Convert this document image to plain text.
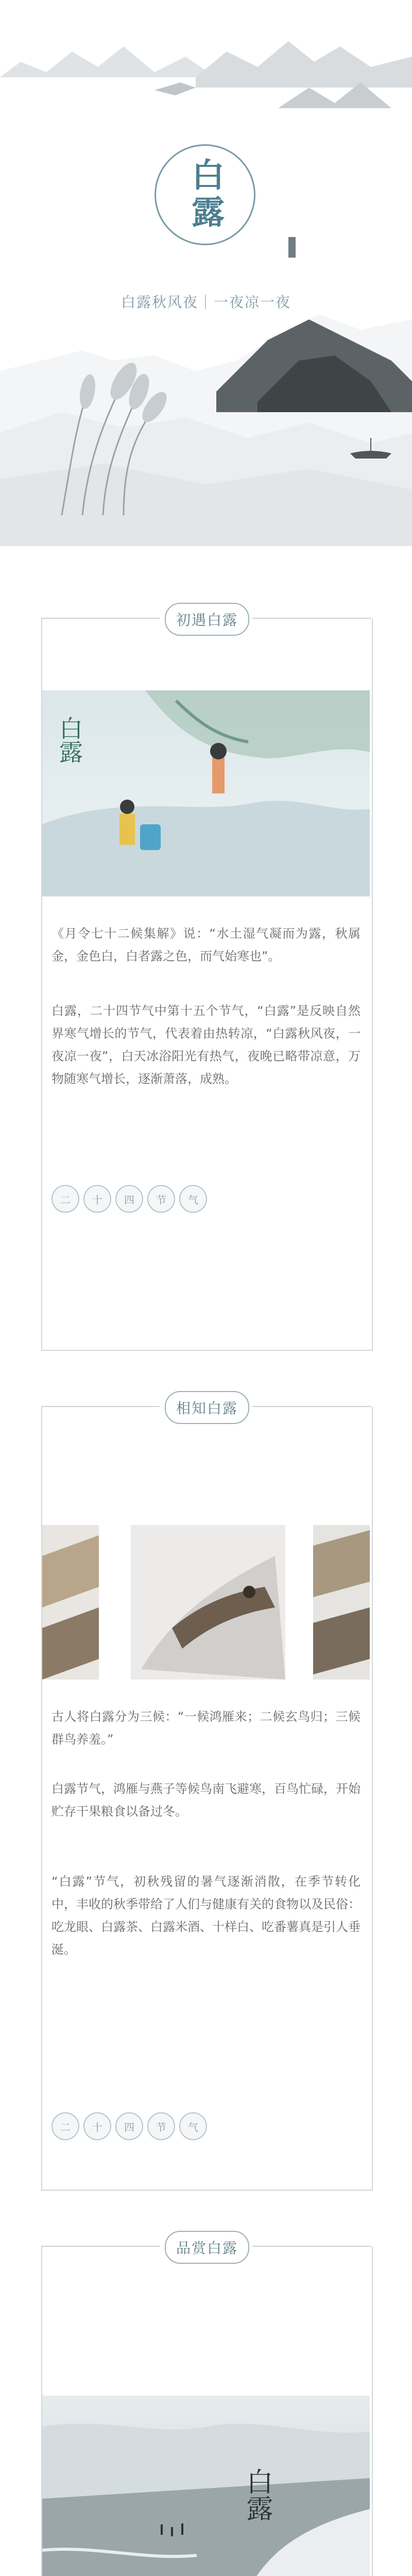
白露
白露秋风夜｜一夜凉一夜
初遇白露
白露
《月令七十二候集解》说：“水土湿气凝而为露，秋属金，金色白，白者露之色，而气始寒也”。
白露，二十四节气中第十五个节气，“白露”是反映自然界寒气增长的节气，代表着由热转凉，“白露秋风夜，一夜凉一夜”，白天冰浴阳光有热气，夜晚已略带凉意，万物随寒气增长，逐渐萧落，成熟。
二	十	四	节	气
相知白露
古人将白露分为三候：“一候鸿雁来；二候玄鸟归；三候群鸟养羞。”
白露节气，鸿雁与燕子等候鸟南飞避寒，百鸟忙碌，开始贮存干果粮食以备过冬。
“白露”节气，初秋残留的暑气逐渐消散，在季节转化中，丰收的秋季带给了人们与健康有关的食物以及民俗：吃龙眼、白露茶、白露米酒、十样白、吃番薯真是引人垂涎。
二	十	四	节	气
品赏白露
白露
